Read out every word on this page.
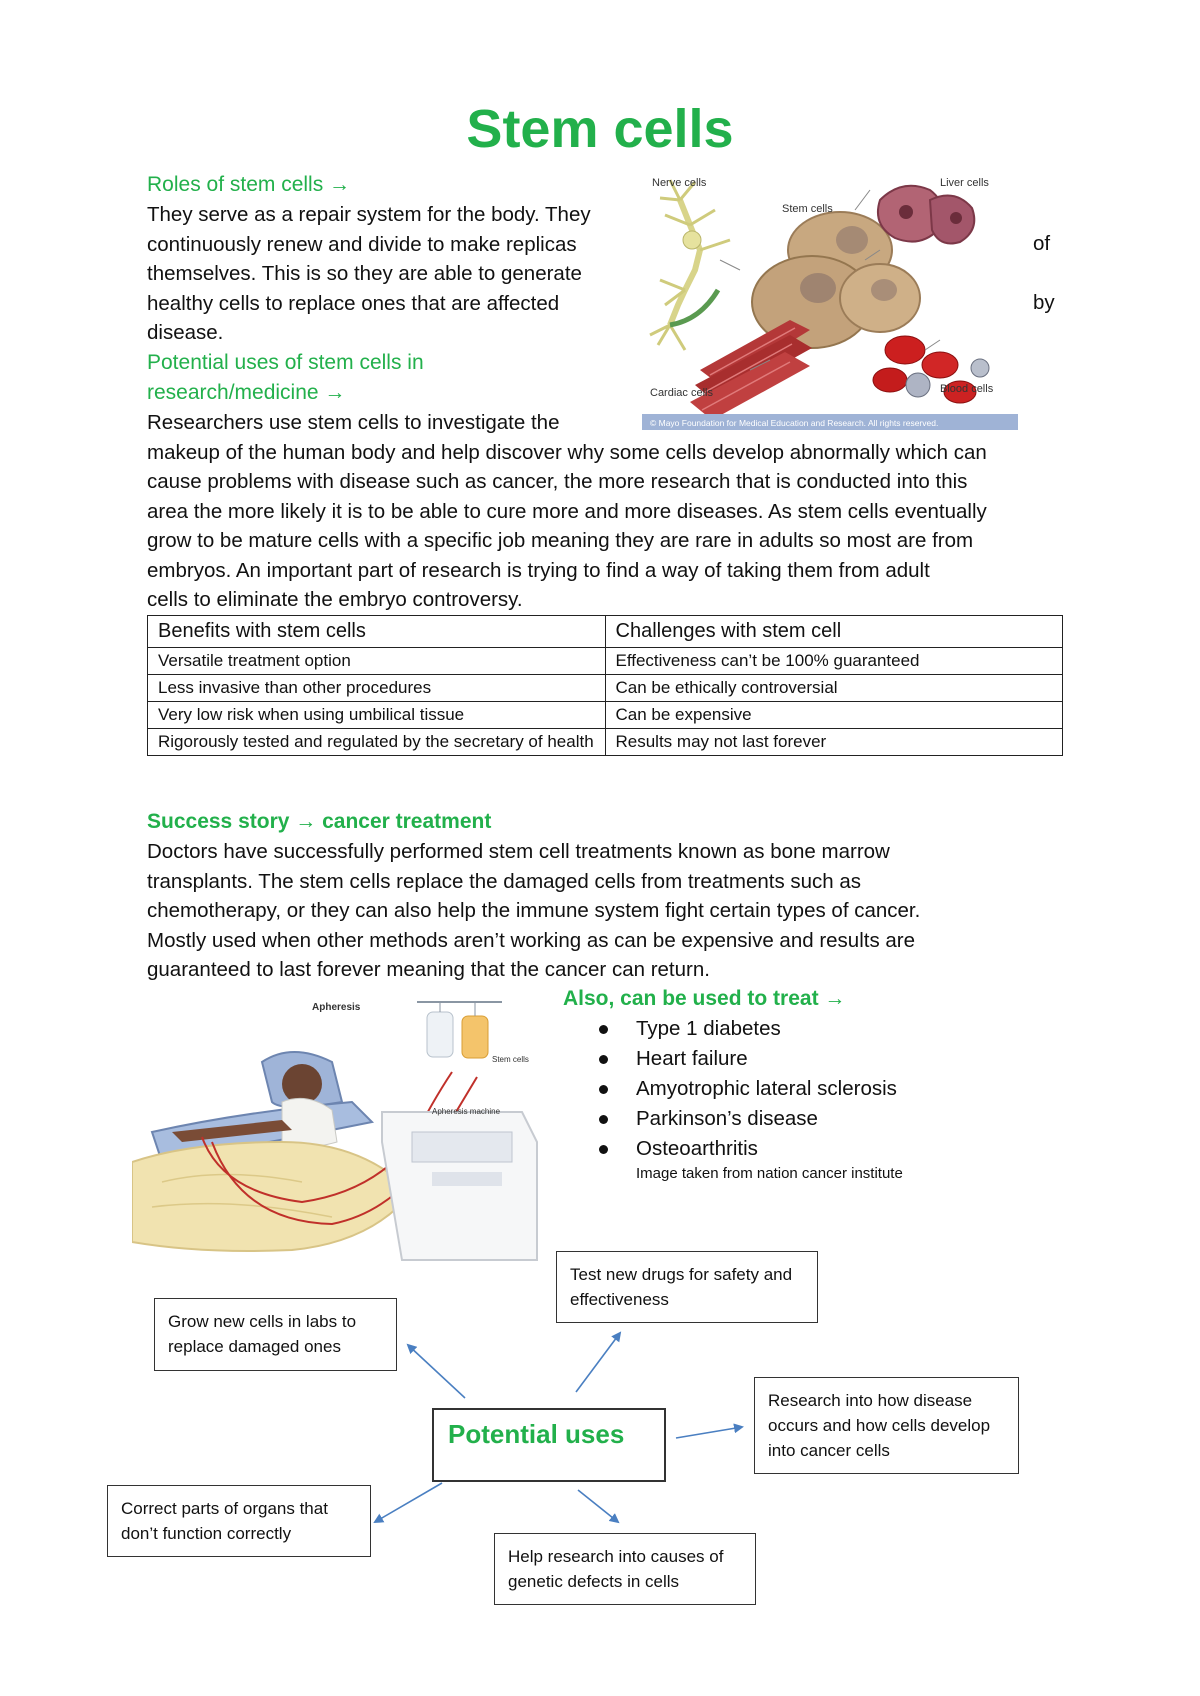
Stem cells
Roles of stem cells →
They serve as a repair system for the body. They
continuously renew and divide to make replicas
themselves. This is so they are able to generate
healthy cells to replace ones that are affected
disease.
of
by
Potential uses of stem cells in
research/medicine →
Researchers use stem cells to investigate the
makeup of the human body and help discover why some cells develop abnormally which can
cause problems with disease such as cancer, the more research that is conducted into this
area the more likely it is to be able to cure more and more diseases. As stem cells eventually
grow to be mature cells with a specific job meaning they are rare in adults so most are from
embryos. An important part of research is trying to find a way of taking them from adult
cells to eliminate the embryo controversy.
Nerve cells
Stem cells
Liver cells
Cardiac cells	Blood cells
© Mayo Foundation for Medical Education and Research. All rights reserved.
Benefits with stem cells	Challenges with stem cell
Versatile treatment option	Effectiveness can’t be 100% guaranteed
Less invasive than other procedures	Can be ethically controversial
Very low risk when using umbilical tissue	Can be expensive
Rigorously tested and regulated by the secretary of health	Results may not last forever
Success story → cancer treatment
Doctors have successfully performed stem cell treatments known as bone marrow
transplants. The stem cells replace the damaged cells from treatments such as
chemotherapy, or they can also help the immune system fight certain types of cancer.
Mostly used when other methods aren’t working as can be expensive and results are
guaranteed to last forever meaning that the cancer can return.
Apheresis
Stem cells
Apheresis machine
Also, can be used to treat →
Type 1 diabetes
Heart failure
Amyotrophic lateral sclerosis
Parkinson’s disease
Osteoarthritis
Image taken from nation cancer institute
Grow new cells in labs to replace damaged ones
Test new drugs for safety and effectiveness
Research into how disease occurs and how cells develop into cancer cells
Correct parts of organs that don’t function correctly
Help research into causes of genetic defects in cells
Potential uses
